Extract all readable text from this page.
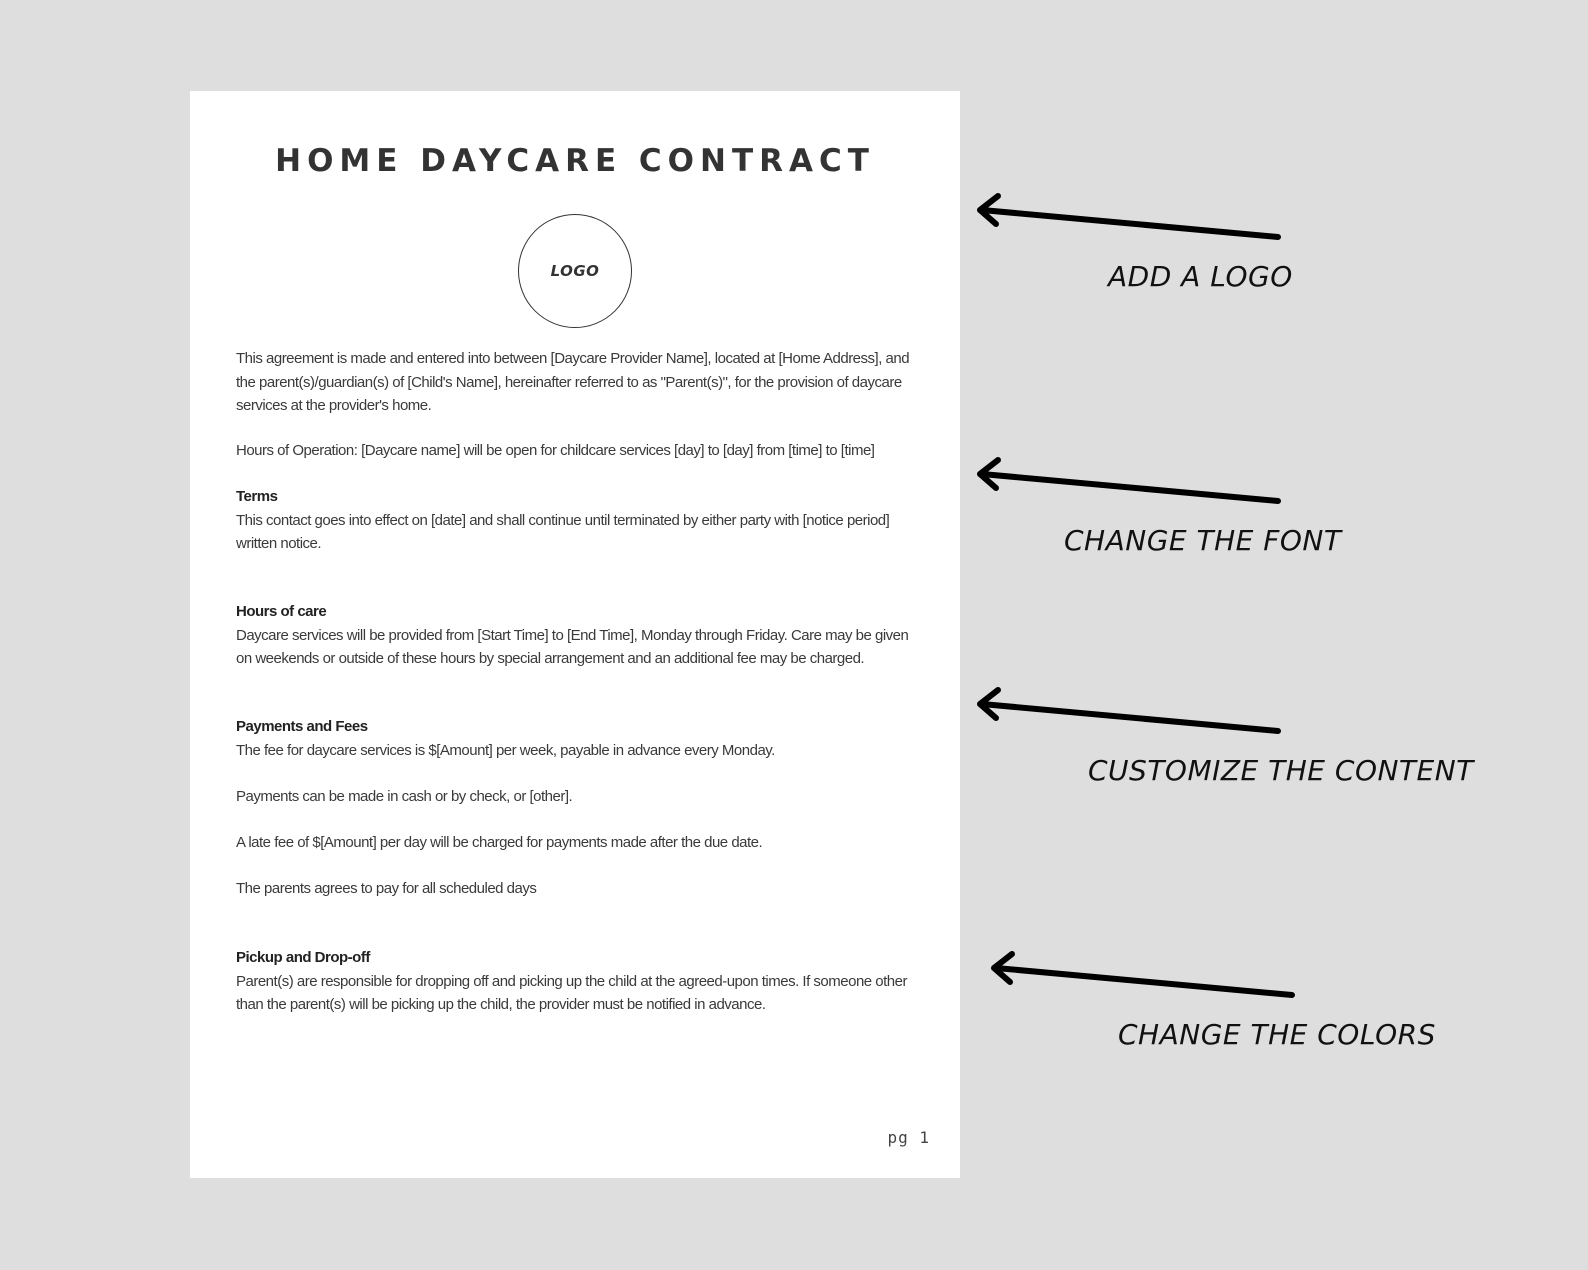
HOME DAYCARE CONTRACT
LOGO
This agreement is made and entered into between [Daycare Provider Name], located at [Home Address], and the parent(s)/guardian(s) of [Child's Name], hereinafter referred to as "Parent(s)", for the provision of daycare services at the provider's home.
Hours of Operation: [Daycare name] will be open for childcare services [day] to [day] from [time] to [time]
Terms
This contact goes into effect on [date] and shall continue until terminated by either party with [notice period] written notice.
Hours of care
Daycare services will be provided from [Start Time] to [End Time], Monday through Friday. Care may be given on weekends or outside of these hours by special arrangement and an additional fee may be charged.
Payments and Fees
The fee for daycare services is $[Amount] per week, payable in advance every Monday.
Payments can be made in cash or by check, or [other].
A late fee of $[Amount] per day will be charged for payments made after the due date.
The parents agrees to pay for all scheduled days
Pickup and Drop-off
Parent(s) are responsible for dropping off and picking up the child at the agreed-upon times. If someone other than the parent(s) will be picking up the child, the provider must be notified in advance.
pg 1
ADD A LOGO
CHANGE THE FONT
CUSTOMIZE THE CONTENT
CHANGE THE COLORS
